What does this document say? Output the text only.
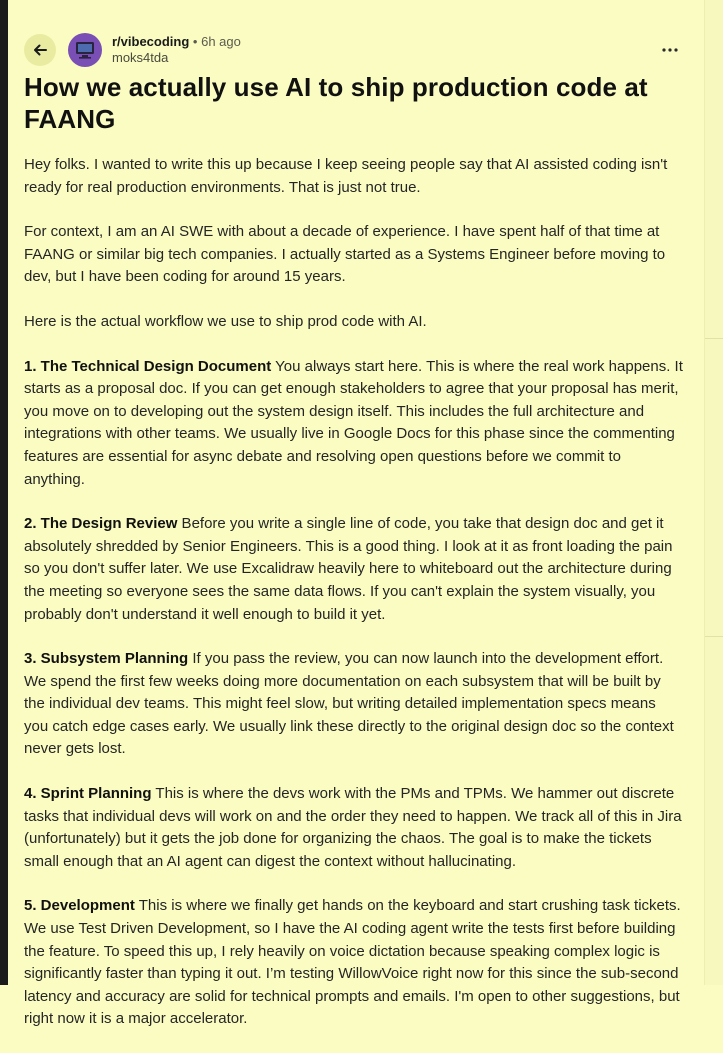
r/vibecoding • 6h ago
moks4tda
How we actually use AI to ship production code at FAANG

Hey folks. I wanted to write this up because I keep seeing people say that AI assisted coding isn't ready for real production environments. That is just not true.

For context, I am an AI SWE with about a decade of experience. I have spent half of that time at FAANG or similar big tech companies. I actually started as a Systems Engineer before moving to dev, but I have been coding for around 15 years.

Here is the actual workflow we use to ship prod code with AI.

1. The Technical Design Document You always start here. This is where the real work happens. It starts as a proposal doc. If you can get enough stakeholders to agree that your proposal has merit, you move on to developing out the system design itself. This includes the full architecture and integrations with other teams. We usually live in Google Docs for this phase since the commenting features are essential for async debate and resolving open questions before we commit to anything.

2. The Design Review Before you write a single line of code, you take that design doc and get it absolutely shredded by Senior Engineers. This is a good thing. I look at it as front loading the pain so you don't suffer later. We use Excalidraw heavily here to whiteboard out the architecture during the meeting so everyone sees the same data flows. If you can't explain the system visually, you probably don't understand it well enough to build it yet.

3. Subsystem Planning If you pass the review, you can now launch into the development effort. We spend the first few weeks doing more documentation on each subsystem that will be built by the individual dev teams. This might feel slow, but writing detailed implementation specs means you catch edge cases early. We usually link these directly to the original design doc so the context never gets lost.

4. Sprint Planning This is where the devs work with the PMs and TPMs. We hammer out discrete tasks that individual devs will work on and the order they need to happen. We track all of this in Jira (unfortunately) but it gets the job done for organizing the chaos. The goal is to make the tickets small enough that an AI agent can digest the context without hallucinating.

5. Development This is where we finally get hands on the keyboard and start crushing task tickets. We use Test Driven Development, so I have the AI coding agent write the tests first before building the feature. To speed this up, I rely heavily on voice dictation because speaking complex logic is significantly faster than typing it out. I’m testing WillowVoice right now for this since the sub-second latency and accuracy are solid for technical prompts and emails. I'm open to other suggestions, but right now it is a major accelerator.
